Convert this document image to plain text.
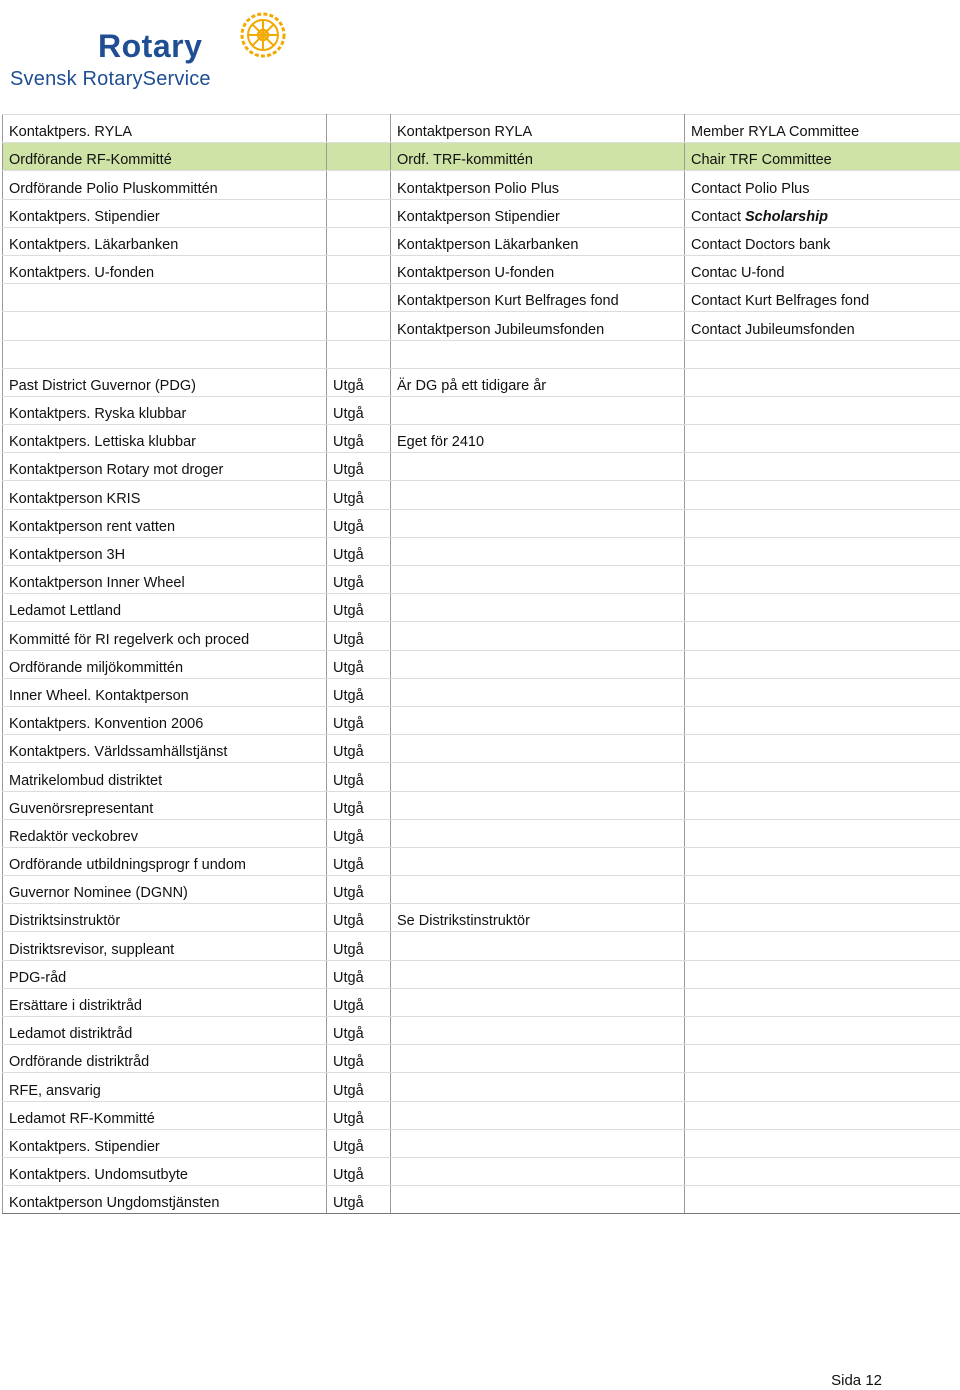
Rotary
Svensk RotaryService
Kontaktpers. RYLA		Kontaktperson RYLA	Member RYLA Committee
Ordförande RF-Kommitté		Ordf. TRF-kommittén	Chair TRF Committee
Ordförande Polio Pluskommittén		Kontaktperson Polio Plus	Contact Polio Plus
Kontaktpers. Stipendier		Kontaktperson Stipendier	Contact Scholarship
Kontaktpers. Läkarbanken		Kontaktperson Läkarbanken	Contact Doctors bank
Kontaktpers. U-fonden		Kontaktperson U-fonden	Contac U-fond
		Kontaktperson Kurt Belfrages fond	Contact Kurt Belfrages fond
		Kontaktperson Jubileumsfonden	Contact Jubileumsfonden

Past District Guvernor (PDG)	Utgå	Är DG på ett tidigare år	
Kontaktpers. Ryska klubbar	Utgå		
Kontaktpers. Lettiska klubbar	Utgå	Eget för 2410	
Kontaktperson Rotary mot droger	Utgå		
Kontaktperson KRIS	Utgå		
Kontaktperson rent vatten	Utgå		
Kontaktperson 3H	Utgå		
Kontaktperson Inner Wheel	Utgå		
Ledamot Lettland	Utgå		
Kommitté för RI regelverk och proced	Utgå		
Ordförande miljökommittén	Utgå		
Inner Wheel. Kontaktperson	Utgå		
Kontaktpers. Konvention 2006	Utgå		
Kontaktpers. Världssamhällstjänst	Utgå		
Matrikelombud distriktet	Utgå		
Guvenörsrepresentant	Utgå		
Redaktör veckobrev	Utgå		
Ordförande utbildningsprogr f undom	Utgå		
Guvernor Nominee (DGNN)	Utgå		
Distriktsinstruktör	Utgå	Se Distrikstinstruktör	
Distriktsrevisor, suppleant	Utgå		
PDG-råd	Utgå		
Ersättare i distriktråd	Utgå		
Ledamot distriktråd	Utgå		
Ordförande distriktråd	Utgå		
RFE, ansvarig	Utgå		
Ledamot RF-Kommitté	Utgå		
Kontaktpers. Stipendier	Utgå		
Kontaktpers. Undomsutbyte	Utgå		
Kontaktperson Ungdomstjänsten	Utgå		
Sida 12
